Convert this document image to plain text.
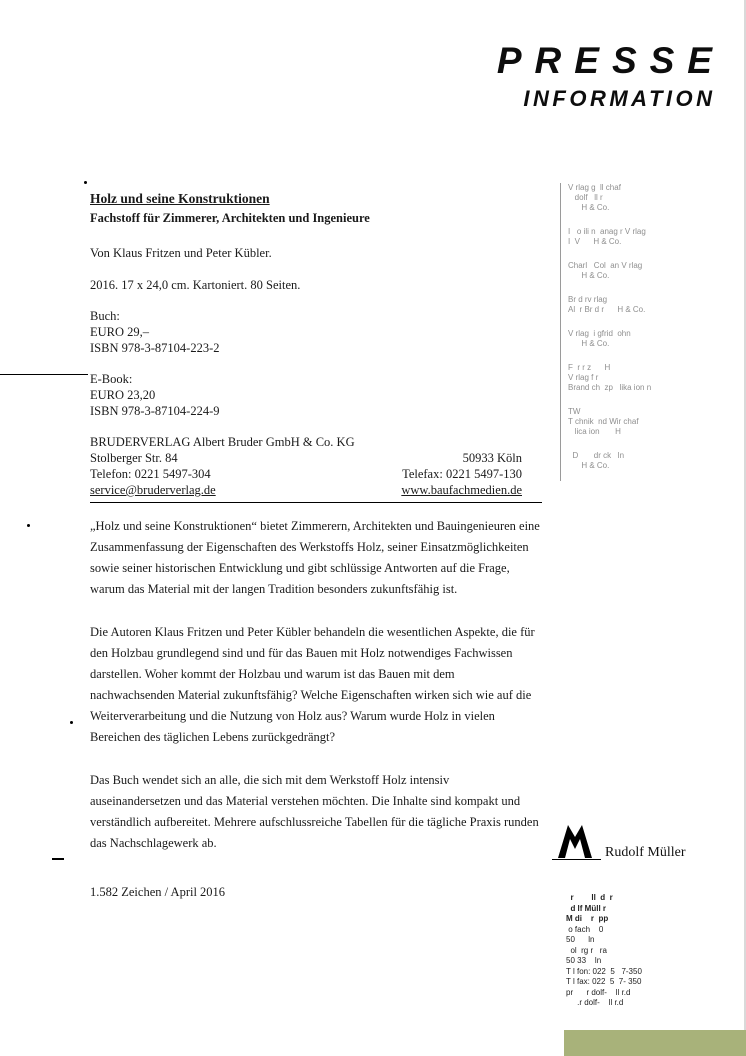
PRESSE
INFORMATION
Holz und seine Konstruktionen
Fachstoff für Zimmerer, Architekten und Ingenieure

Von Klaus Fritzen und Peter Kübler.

2016. 17 x 24,0 cm. Kartoniert. 80 Seiten.

Buch:
EURO 29,–
ISBN 978-3-87104-223-2
E-Book:
EURO 23,20
ISBN 978-3-87104-224-9
BRUDERVERLAG Albert Bruder GmbH & Co. KG
Stolberger Str. 84	50933 Köln
Telefon: 0221 5497-304	Telefax: 0221 5497-130
service@bruderverlag.de	www.baufachmedien.de

„Holz und seine Konstruktionen“ bietet Zimmerern, Architekten und Bauingenieuren eine Zusammenfassung der Eigenschaften des Werkstoffs Holz, seiner Einsatzmöglichkeiten sowie seiner historischen Entwicklung und gibt schlüssige Antworten auf die Frage, warum das Material mit der langen Tradition besonders zukunftsfähig ist.

Die Autoren Klaus Fritzen und Peter Kübler behandeln die wesentlichen Aspekte, die für den Holzbau grundlegend sind und für das Bauen mit Holz notwendiges Fachwissen darstellen. Woher kommt der Holzbau und warum ist das Bauen mit dem nachwachsenden Material zukunftsfähig? Welche Eigenschaften wirken sich wie auf die Weiterverarbeitung und die Nutzung von Holz aus? Warum wurde Holz in vielen Bereichen des täglichen Lebens zurückgedrängt?

Das Buch wendet sich an alle, die sich mit dem Werkstoff Holz intensiv auseinandersetzen und das Material verstehen möchten. Die Inhalte sind kompakt und verständlich aufbereitet. Mehrere aufschlussreiche Tabellen für die tägliche Praxis runden das Nachschlagewerk ab.

1.582 Zeichen / April 2016

V rlag g  ll chaf
dolf   ll r
H & Co.
I   o ili n  anag r V rlag
I  V      H & Co.
Charl   Col  an V rlag
H & Co.
Br d rv rlag
Al  r Br d r      H & Co.
V rlag  i gfrid  ohn
H & Co.
F  r r z      H
V rlag f r
Brand ch  zp   lika ion n
TW
T chnik  nd Wir chaf
lica ion       H
D       dr ck   ln
H & Co.
Rudolf Müller
r        ll  d  r
d lf Müll r
M di    r  pp
o fach    0
50      ln
ol  rg r   ra
50 33    ln
T l fon: 022  5   7-350
T l fax: 022  5  7- 350
pr      r dolf-    ll r.d
.r dolf-    ll r.d
